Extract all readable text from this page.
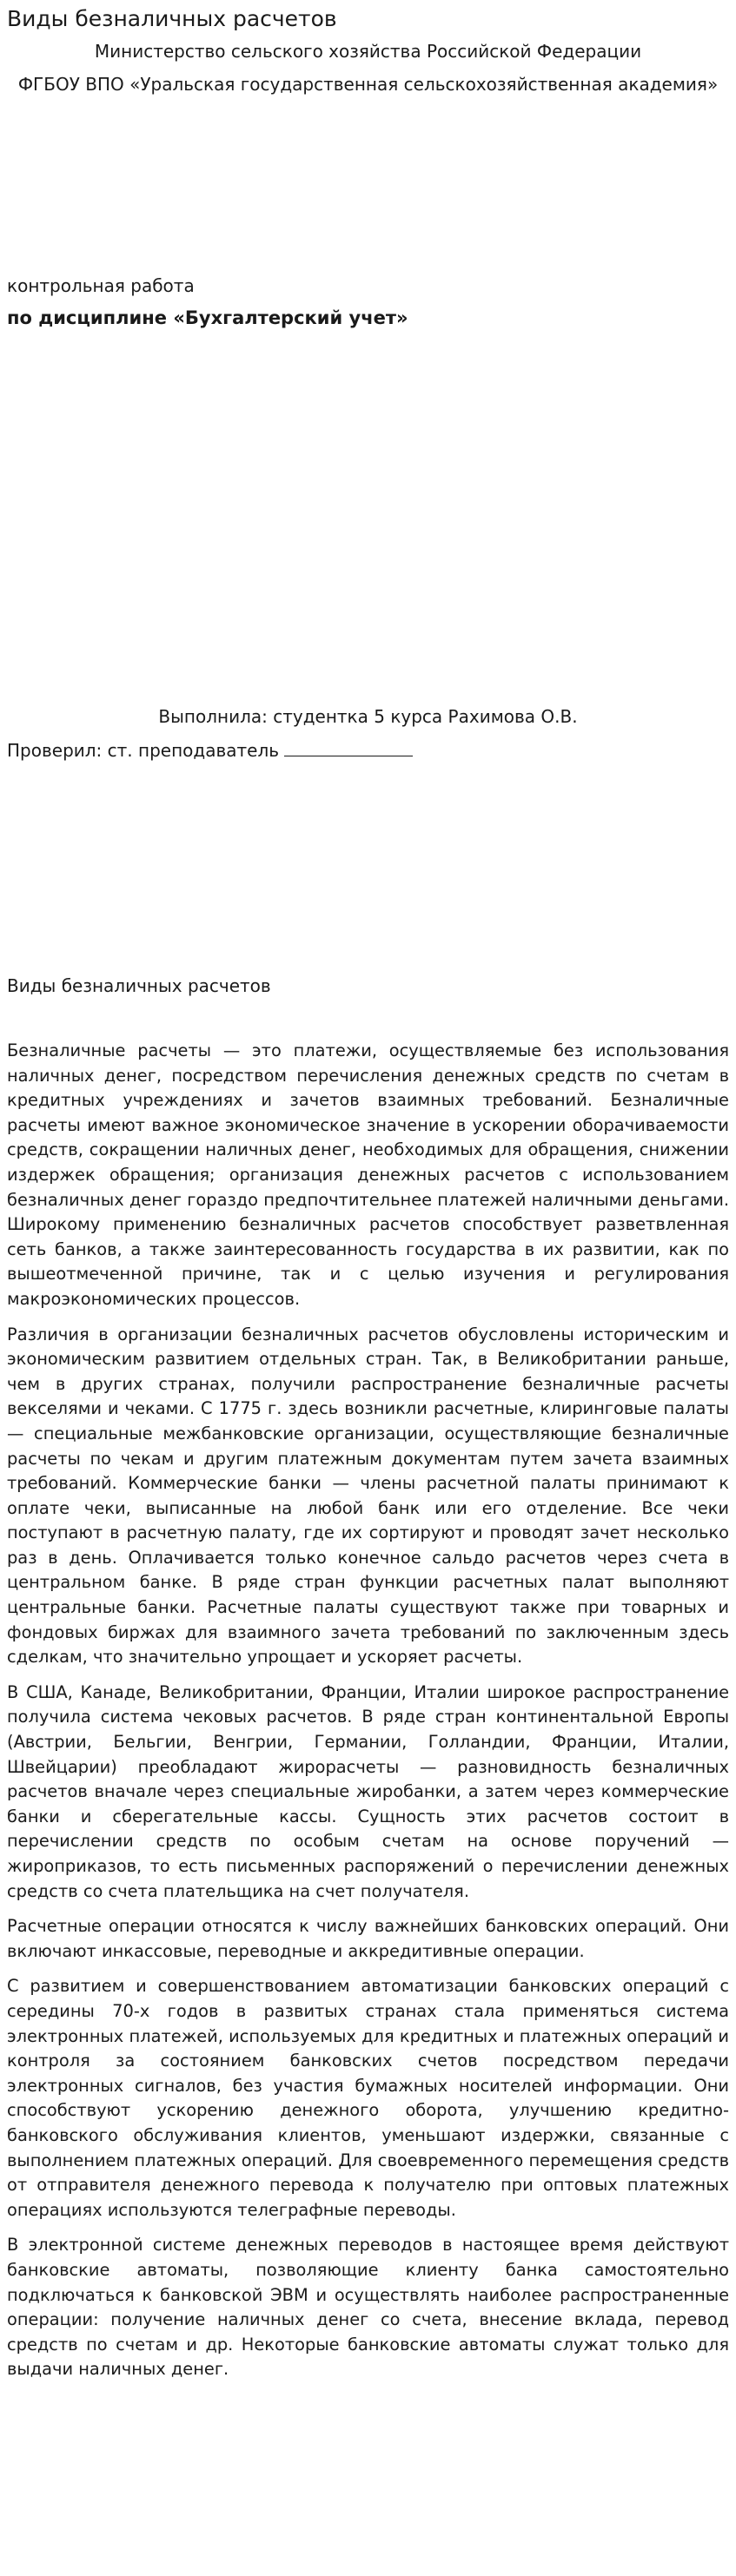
Виды безналичных расчетов

Министерство сельского хозяйства Российской Федерации

ФГБОУ ВПО «Уральская государственная сельскохозяйственная академия»

контрольная работа

по дисциплине «Бухгалтерский учет»

Выполнила: студентка 5 курса Рахимова О.В.

Проверил: ст. преподаватель

Виды безналичных расчетов

Безналичные расчеты — это платежи, осуществляемые без использования наличных денег, посредством перечисления денежных средств по счетам в кредитных учреждениях и зачетов взаимных требований. Безналичные расчеты имеют важное экономическое значение в ускорении оборачиваемости средств, сокращении наличных денег, необходимых для обращения, снижении издержек обращения; организация денежных расчетов с использованием безналичных денег гораздо предпочтительнее платежей наличными деньгами. Широкому применению безналичных расчетов способствует разветвленная сеть банков, а также заинтересованность государства в их развитии, как по вышеотмеченной причине, так и с целью изучения и регулирования макроэкономических процессов.

Различия в организации безналичных расчетов обусловлены историческим и экономическим развитием отдельных стран. Так, в Великобритании раньше, чем в других странах, получили распространение безналичные расчеты векселями и чеками. С 1775 г. здесь возникли расчетные, клиринговые палаты — специальные межбанковские организации, осуществляющие безналичные расчеты по чекам и другим платежным документам путем зачета взаимных требований. Коммерческие банки — члены расчетной палаты принимают к оплате чеки, выписанные на любой банк или его отделение. Все чеки поступают в расчетную палату, где их сортируют и проводят зачет несколько раз в день. Оплачивается только конечное сальдо расчетов через счета в центральном банке. В ряде стран функции расчетных палат выполняют центральные банки. Расчетные палаты существуют также при товарных и фондовых биржах для взаимного зачета требований по заключенным здесь сделкам, что значительно упрощает и ускоряет расчеты.

В США, Канаде, Великобритании, Франции, Италии широкое распространение получила система чековых расчетов. В ряде стран континентальной Европы (Австрии, Бельгии, Венгрии, Германии, Голландии, Франции, Италии, Швейцарии) преобладают жирорасчеты — разновидность безналичных расчетов вначале через специальные жиробанки, а затем через коммерческие банки и сберегательные кассы. Сущность этих расчетов состоит в перечислении средств по особым счетам на основе поручений — жироприказов, то есть письменных распоряжений о перечислении денежных средств со счета плательщика на счет получателя.

Расчетные операции относятся к числу важнейших банковских операций. Они включают инкассовые, переводные и аккредитивные операции.

С развитием и совершенствованием автоматизации банковских операций с середины 70-х годов в развитых странах стала применяться система электронных платежей, используемых для кредитных и платежных операций и контроля за состоянием банковских счетов посредством передачи электронных сигналов, без участия бумажных носителей информации. Они способствуют ускорению денежного оборота, улучшению кредитно-банковского обслуживания клиентов, уменьшают издержки, связанные с выполнением платежных операций. Для своевременного перемещения средств от отправителя денежного перевода к получателю при оптовых платежных операциях используются телеграфные переводы.

В электронной системе денежных переводов в настоящее время действуют банковские автоматы, позволяющие клиенту банка самостоятельно подключаться к банковской ЭВМ и осуществлять наиболее распространенные операции: получение наличных денег со счета, внесение вклада, перевод средств по счетам и др. Некоторые банковские автоматы служат только для выдачи наличных денег.
